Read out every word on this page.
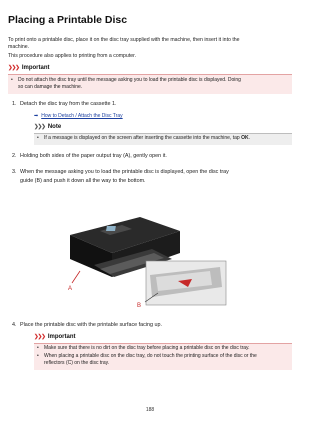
Placing a Printable Disc

To print onto a printable disc, place it on the disc tray supplied with the machine, then insert it into the

machine.

This procedure also applies to printing from a computer.

❯❯❯ Important
• Do not attach the disc tray until the message asking you to load the printable disc is displayed. Doing
so can damage the machine.

1. Detach the disc tray from the cassette 1.

➡ How to Detach / Attach the Disc Tray
❯❯❯ Note
• If a message is displayed on the screen after inserting the cassette into the machine, tap OK.

2. Holding both sides of the paper output tray (A), gently open it.

3. When the message asking you to load the printable disc is displayed, open the disc tray

guide (B) and push it down all the way to the bottom.

A
B

4. Place the printable disc with the printable surface facing up.

❯❯❯ Important
• Make sure that there is no dirt on the disc tray before placing a printable disc on the disc tray.
• When placing a printable disc on the disc tray, do not touch the printing surface of the disc or the
reflectors (C) on the disc tray.
188
